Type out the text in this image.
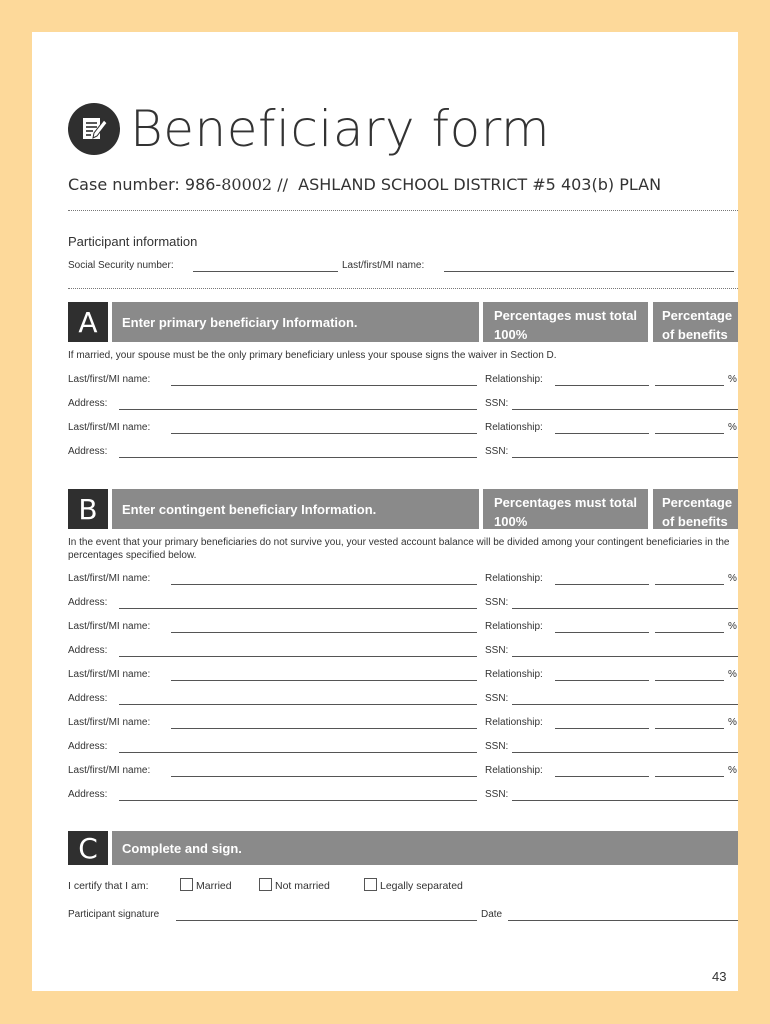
Beneficiary form
Case number: 986-80002 //  ASHLAND SCHOOL DISTRICT #5 403(b) PLAN
Participant information
Social Security number:	Last/first/MI name:
A	Enter primary beneficiary Information.	Percentages must total 100%
Percentage of benefits
If married, your spouse must be the only primary beneficiary unless your spouse signs the waiver in Section D.
Last/first/MI name:	Relationship:	%
Address:	SSN:
Last/first/MI name:	Relationship:	%
Address:	SSN:
B	Enter contingent beneficiary Information.	Percentages must total 100%
Percentage of benefits
In the event that your primary beneficiaries do not survive you, your vested account balance will be divided among your contingent beneficiaries in the percentages specified below.
Last/first/MI name:	Relationship:	%
Address:	SSN:
Last/first/MI name:	Relationship:	%
Address:	SSN:
Last/first/MI name:	Relationship:	%
Address:	SSN:
Last/first/MI name:	Relationship:	%
Address:	SSN:
Last/first/MI name:	Relationship:	%
Address:	SSN:
C	Complete and sign.
I certify that I am:	Married	Not married	Legally separated
Participant signature	Date
43
